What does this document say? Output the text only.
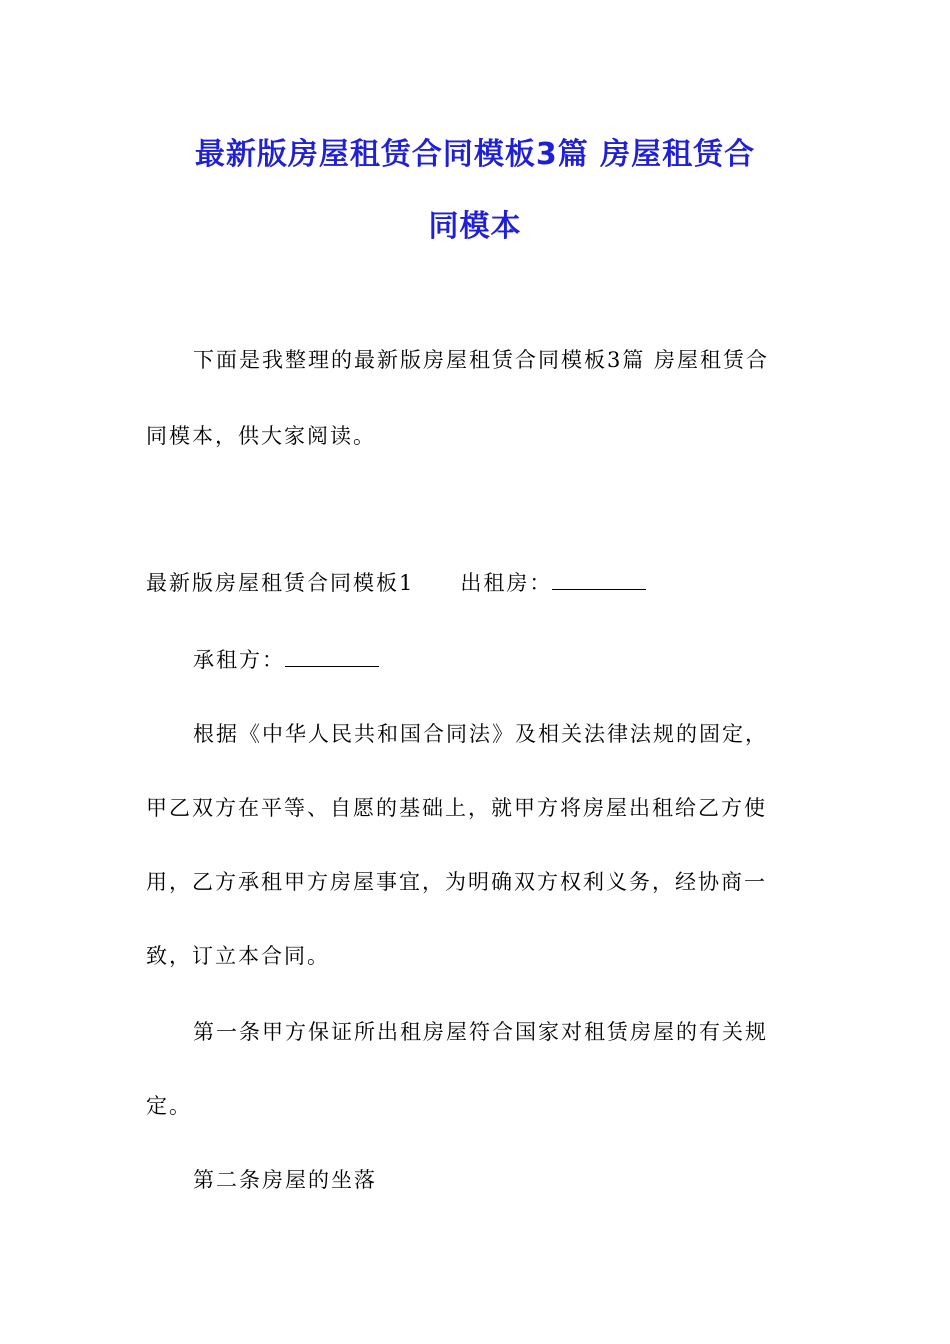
最新版房屋租赁合同模板3篇 房屋租赁合
同模本
下面是我整理的最新版房屋租赁合同模板3篇 房屋租赁合
同模本，供大家阅读。
最新版房屋租赁合同模板1 出租房：
承租方：
根据《中华人民共和国合同法》及相关法律法规的固定，
甲乙双方在平等、自愿的基础上，就甲方将房屋出租给乙方使
用，乙方承租甲方房屋事宜，为明确双方权利义务，经协商一
致，订立本合同。
第一条甲方保证所出租房屋符合国家对租赁房屋的有关规
定。
第二条房屋的坐落
